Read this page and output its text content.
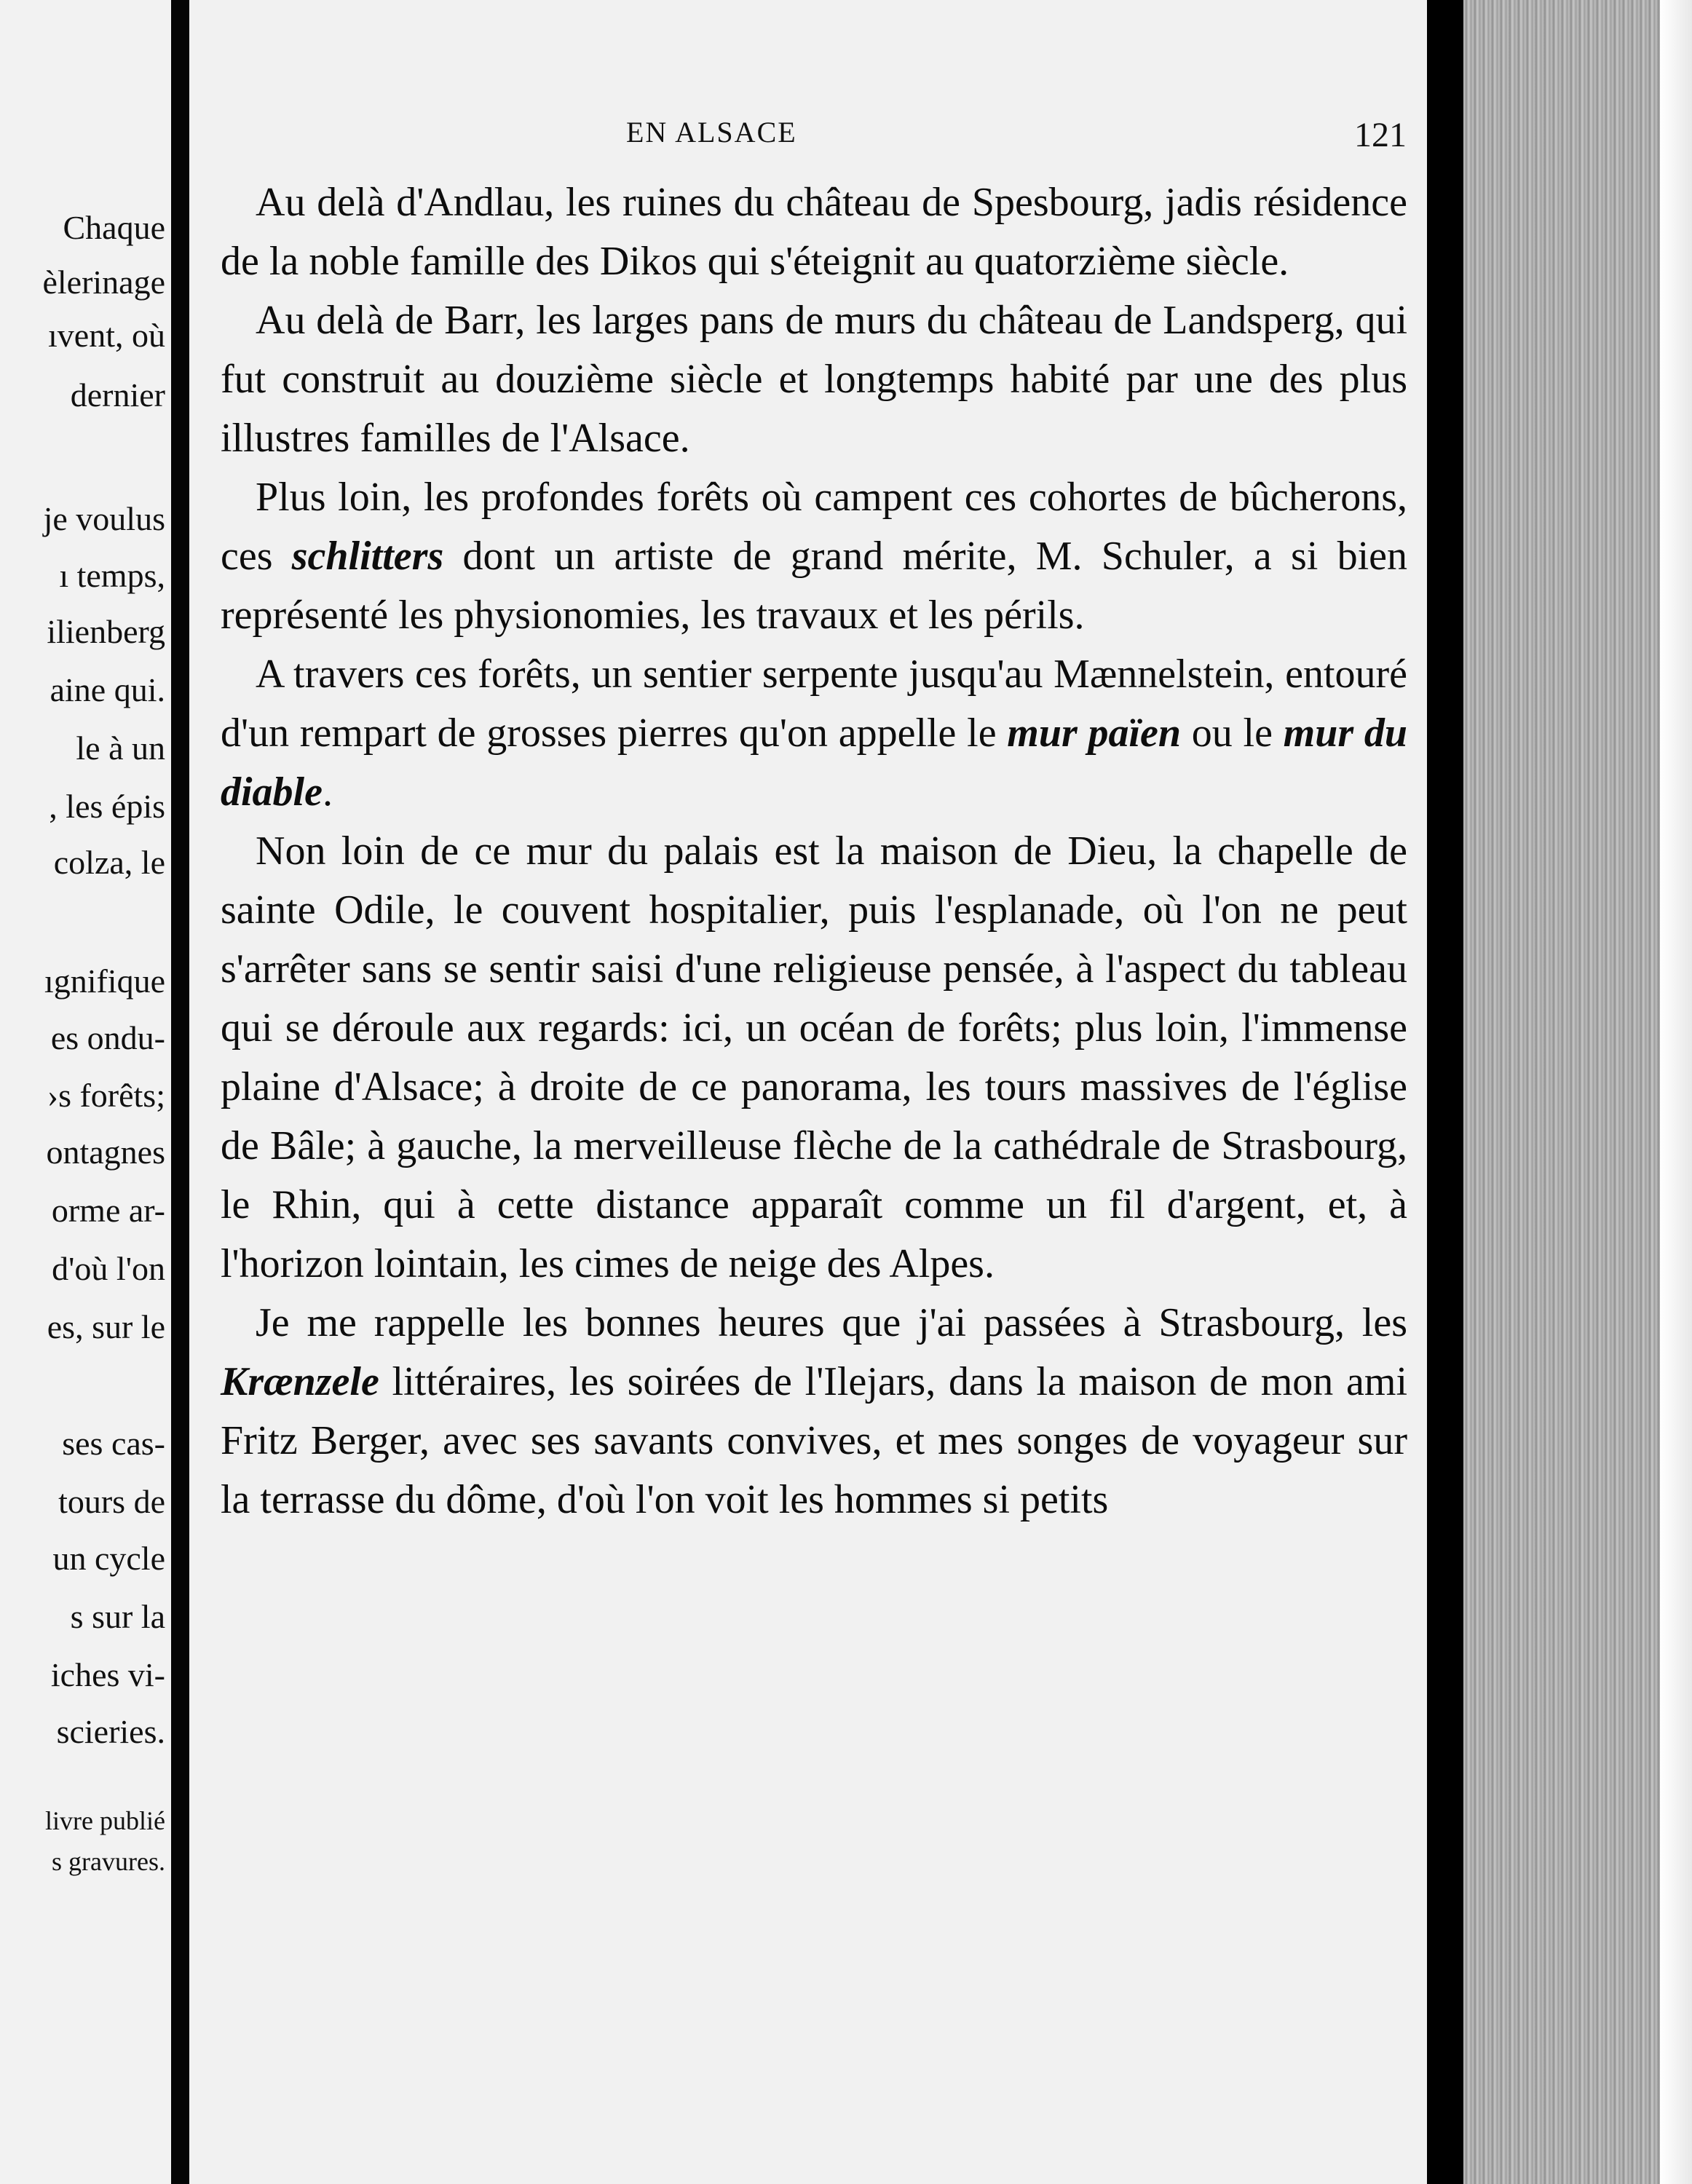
Chaque
èlerinage
ıvent, où
dernier
je voulus
ı temps,
ilienberg
aine qui.
le à un
, les épis
colza, le
ıgnifique
es ondu-
›s forêts;
ontagnes
orme ar-
d'où l'on
es, sur le
ses cas-
tours de
un cycle
s sur la
iches vi-
scieries.
livre publié
s gravures.
EN ALSACE	121

Au delà d'Andlau, les ruines du château de Spesbourg, jadis résidence de la noble famille des Dikos qui s'éteignit au quatorzième siècle.

Au delà de Barr, les larges pans de murs du château de Landsperg, qui fut construit au douzième siècle et longtemps habité par une des plus illustres familles de l'Alsace.

Plus loin, les profondes forêts où campent ces cohortes de bûcherons, ces schlitters dont un artiste de grand mérite, M. Schuler, a si bien représenté les physionomies, les travaux et les périls.

A travers ces forêts, un sentier serpente jusqu'au Mænnelstein, entouré d'un rempart de grosses pierres qu'on appelle le mur païen ou le mur du diable.

Non loin de ce mur du palais est la maison de Dieu, la chapelle de sainte Odile, le couvent hospitalier, puis l'esplanade, où l'on ne peut s'arrêter sans se sentir saisi d'une religieuse pensée, à l'aspect du tableau qui se déroule aux regards: ici, un océan de forêts; plus loin, l'immense plaine d'Alsace; à droite de ce panorama, les tours massives de l'église de Bâle; à gauche, la merveilleuse flèche de la cathédrale de Strasbourg, le Rhin, qui à cette distance apparaît comme un fil d'argent, et, à l'horizon lointain, les cimes de neige des Alpes.

Je me rappelle les bonnes heures que j'ai passées à Strasbourg, les Krænzele littéraires, les soirées de l'Ilejars, dans la maison de mon ami Fritz Berger, avec ses savants convives, et mes songes de voyageur sur la terrasse du dôme, d'où l'on voit les hommes si petits
